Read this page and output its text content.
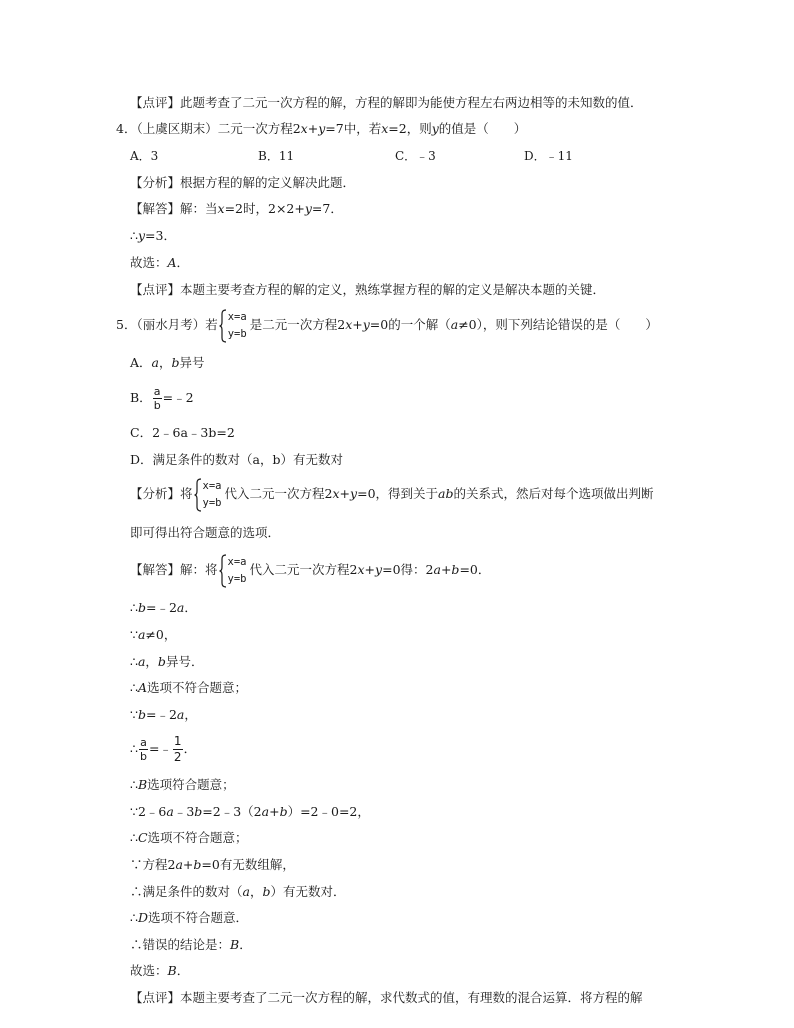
【点评】此题考查了二元一次方程的解，方程的解即为能使方程左右两边相等的未知数的值．
4．（上虞区期末）二元一次方程2x+y=7中，若x=2，则y的值是（　　）
A．3	B．11	C．﹣3	D．﹣11
【分析】根据方程的解的定义解决此题．
【解答】解：当x=2时，2×2+y=7．
∴y=3．
故选：A．
【点评】本题主要考查方程的解的定义，熟练掌握方程的解的定义是解决本题的关键．
5．（丽水月考）若
x=a
y=b
是二元一次方程2x+y=0的一个解（a≠0），则下列结论错误的是（　　）
A．a，b异号
B． $\frac{a}{b}$ =﹣2
C．2﹣6a﹣3b=2
D．满足条件的数对（a，b）有无数对
【分析】将
x=a
y=b
代入二元一次方程2x+y=0，得到关于ab的关系式，然后对每个选项做出判断
即可得出符合题意的选项．
【解答】解：将
x=a
y=b
代入二元一次方程2x+y=0得：2a+b=0．
∴b=﹣2a．
∵a≠0，
∴a，b异号．
∴A选项不符合题意；
∵b=﹣2a，
∴ $\frac{a}{b}$ =﹣ $\frac{1}{2}$ ．
∴B选项符合题意；
∵2﹣6a﹣3b=2﹣3（2a+b）=2﹣0=2，
∴C选项不符合题意；
∵方程2a+b=0有无数组解，
∴满足条件的数对（a，b）有无数对．
∴D选项不符合题意．
∴错误的结论是：B．
故选：B．
【点评】本题主要考查了二元一次方程的解，求代数式的值，有理数的混合运算．将方程的解
